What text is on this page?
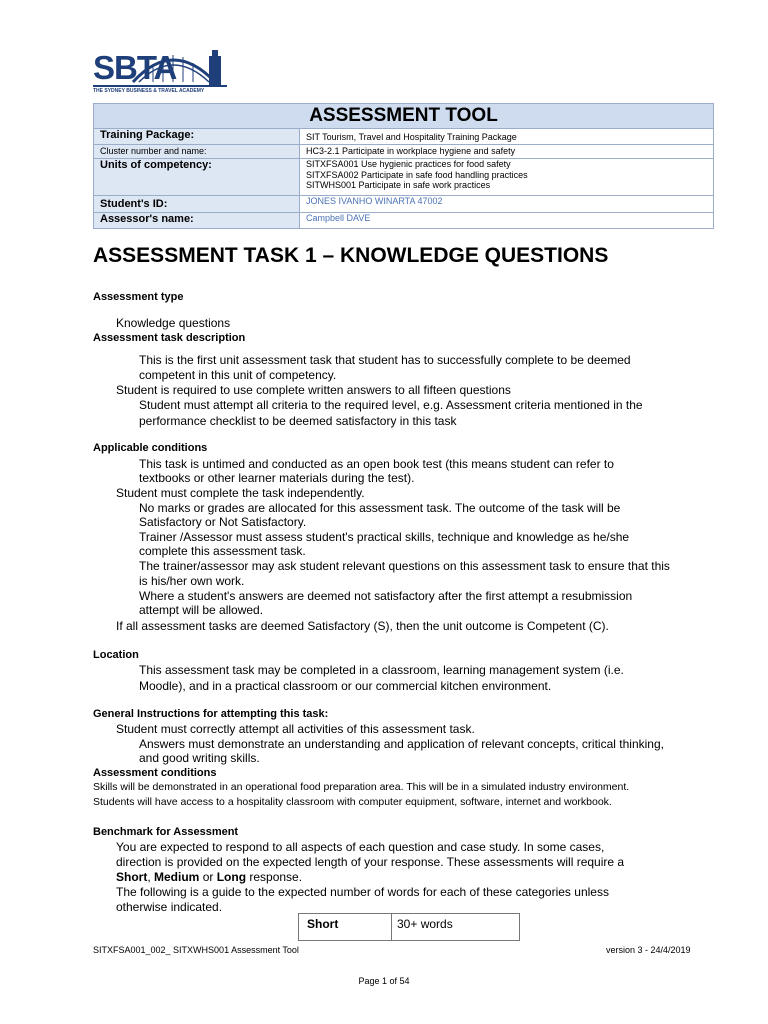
SBTA
THE SYDNEY BUSINESS & TRAVEL ACADEMY
ASSESSMENT TOOL	
Training Package:	SIT Tourism, Travel and Hospitality Training Package
Cluster number and name:	HC3-2.1 Participate in workplace hygiene and safety
Units of competency:	SITXFSA001 Use hygienic practices for food safety
SITXFSA002 Participate in safe food handling practices
SITWHS001 Participate in safe work practices

Student's ID:	JONES IVANHO WINARTA 47002
Assessor's name:	Campbell DAVE
ASSESSMENT TASK 1 – KNOWLEDGE QUESTIONS
Assessment type
Knowledge questions
Assessment task description
This is the first unit assessment task that student has to successfully complete to be deemed
competent in this unit of competency.
Student is required to use complete written answers to all fifteen questions
Student must attempt all criteria to the required level, e.g. Assessment criteria mentioned in the
performance checklist to be deemed satisfactory in this task
Applicable conditions
This task is untimed and conducted as an open book test (this means student can refer to
textbooks or other learner materials during the test).
Student must complete the task independently.
No marks or grades are allocated for this assessment task. The outcome of the task will be
Satisfactory or Not Satisfactory.
Trainer /Assessor must assess student's practical skills, technique and knowledge as he/she
complete this assessment task.
The trainer/assessor may ask student relevant questions on this assessment task to ensure that this
is his/her own work.
Where a student's answers are deemed not satisfactory after the first attempt a resubmission
attempt will be allowed.
If all assessment tasks are deemed Satisfactory (S), then the unit outcome is Competent (C).
Location
This assessment task may be completed in a classroom, learning management system (i.e.
Moodle), and in a practical classroom or our commercial kitchen environment.
General Instructions for attempting this task:
Student must correctly attempt all activities of this assessment task.
Answers must demonstrate an understanding and application of relevant concepts, critical thinking,
and good writing skills.
Assessment conditions
Skills will be demonstrated in an operational food preparation area. This will be in a simulated industry environment.
Students will have access to a hospitality classroom with computer equipment, software, internet and workbook.
Benchmark for Assessment
You are expected to respond to all aspects of each question and case study. In some cases,
direction is provided on the expected length of your response. These assessments will require a
Short, Medium or Long response.
The following is a guide to the expected number of words for each of these categories unless
otherwise indicated.
Short	30+ words
SITXFSA001_002_ SITXWHS001 Assessment Tool	version 3 - 24/4/2019
Page 1 of 54
